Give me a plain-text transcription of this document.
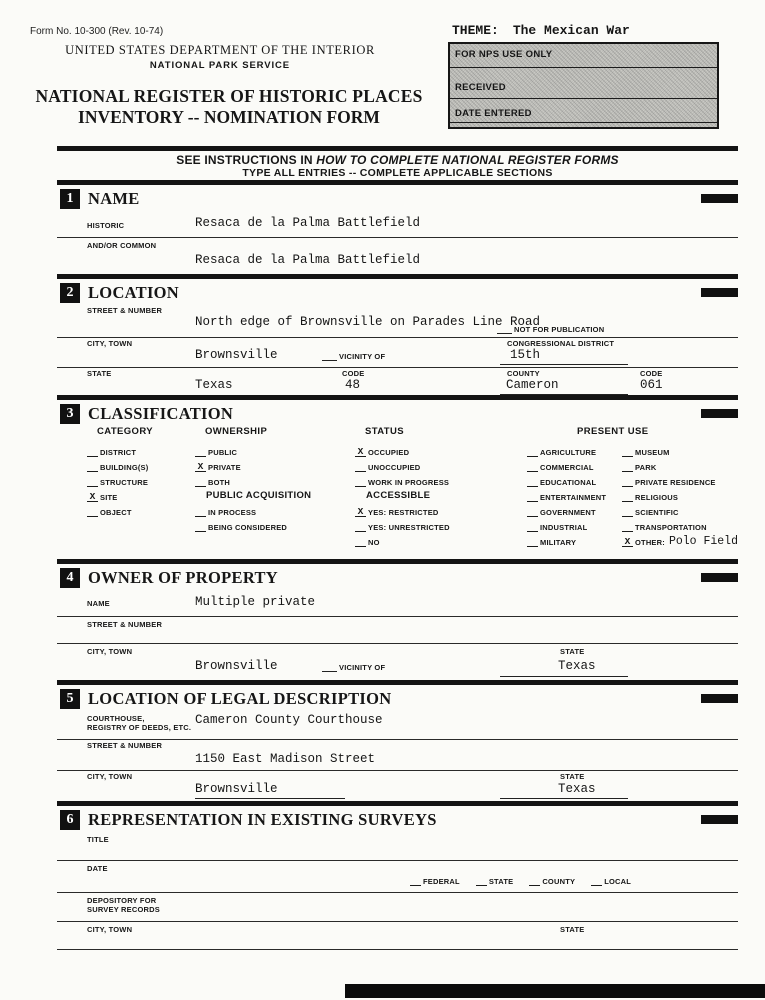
Form No. 10-300 (Rev. 10-74)	THEME: The Mexican War
UNITED STATES DEPARTMENT OF THE INTERIOR
NATIONAL PARK SERVICE
FOR NPS USE ONLY
RECEIVED
DATE ENTERED
NATIONAL REGISTER OF HISTORIC PLACES
INVENTORY -- NOMINATION FORM
SEE INSTRUCTIONS IN HOW TO COMPLETE NATIONAL REGISTER FORMS
TYPE ALL ENTRIES -- COMPLETE APPLICABLE SECTIONS
1 NAME
HISTORIC	Resaca de la Palma Battlefield
AND/OR COMMON
Resaca de la Palma Battlefield
2 LOCATION
STREET & NUMBER
North edge of Brownsville on Parades Line Road
NOT FOR PUBLICATION
CITY, TOWN	CONGRESSIONAL DISTRICT
Brownsville	VICINITY OF	15th
STATE	CODE	COUNTY	CODE
Texas	48	Cameron	061
3 CLASSIFICATION
CATEGORY	OWNERSHIP	STATUS	PRESENT USE
DISTRICT
BUILDING(S)
STRUCTURE
X SITE
OBJECT
PUBLIC
X PRIVATE
BOTH
PUBLIC ACQUISITION
IN PROCESS
BEING CONSIDERED
X OCCUPIED
UNOCCUPIED
WORK IN PROGRESS
ACCESSIBLE
X YES: RESTRICTED
YES: UNRESTRICTED
NO
AGRICULTURE
COMMERCIAL
EDUCATIONAL
ENTERTAINMENT
GOVERNMENT
INDUSTRIAL
MILITARY
MUSEUM
PARK
PRIVATE RESIDENCE
RELIGIOUS
SCIENTIFIC
TRANSPORTATION
X OTHER: Polo Field
4 OWNER OF PROPERTY
NAME	Multiple private
STREET & NUMBER
CITY, TOWN	STATE
Brownsville	VICINITY OF	Texas
5 LOCATION OF LEGAL DESCRIPTION
COURTHOUSE,
REGISTRY OF DEEDS, ETC.
Cameron County Courthouse
STREET & NUMBER
1150 East Madison Street
CITY, TOWN	STATE
Brownsville	Texas
6 REPRESENTATION IN EXISTING SURVEYS
TITLE
DATE
FEDERAL	STATE	COUNTY	LOCAL
DEPOSITORY FOR
SURVEY RECORDS
CITY, TOWN	STATE
